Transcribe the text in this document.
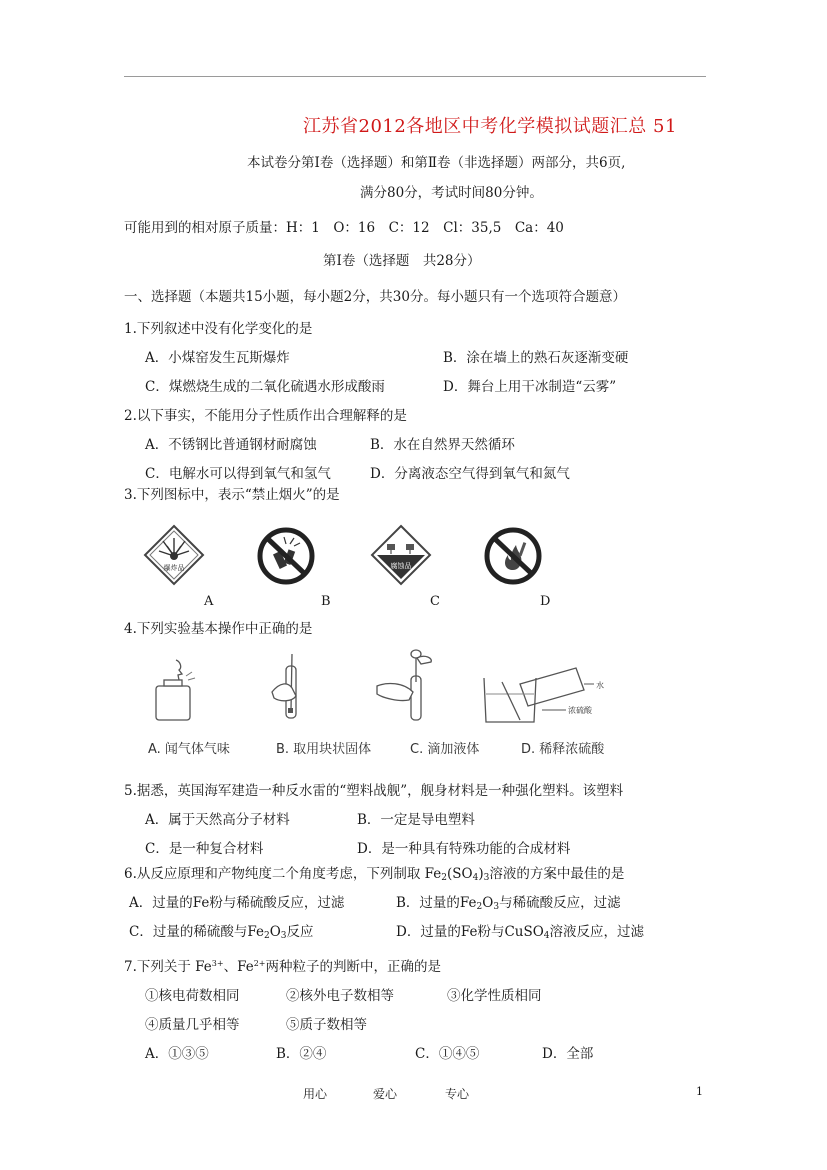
江苏省2012各地区中考化学模拟试题汇总 51
本试卷分第Ⅰ卷（选择题）和第Ⅱ卷（非选择题）两部分，共6页,
满分80分，考试时间80分钟。
可能用到的相对原子质量：H：1　O：16　C：12　Cl：35,5　Ca：40
第Ⅰ卷（选择题　共28分）
一、选择题（本题共15小题，每小题2分，共30分。每小题只有一个选项符合题意）
1.下列叙述中没有化学变化的是
A．小煤窑发生瓦斯爆炸	B．涂在墙上的熟石灰逐渐变硬
C．煤燃烧生成的二氧化硫遇水形成酸雨	D．舞台上用干冰制造“云雾”
2.以下事实，不能用分子性质作出合理解释的是
A．不锈钢比普通钢材耐腐蚀	B．水在自然界天然循环
C．电解水可以得到氧气和氢气	D．分离液态空气得到氧气和氮气
3.下列图标中，表示“禁止烟火”的是
爆炸品	腐蚀品
A	B	C	D
4.下列实验基本操作中正确的是
水
浓硫酸
A. 闻气体气味	B. 取用块状固体	C. 滴加液体	D. 稀释浓硫酸
5.据悉，英国海军建造一种反水雷的“塑料战舰”，舰身材料是一种强化塑料。该塑料
A．属于天然高分子材料	B．一定是导电塑料
C．是一种复合材料	D．是一种具有特殊功能的合成材料
6.从反应原理和产物纯度二个角度考虑，下列制取 $Fe_2(SO_4)_3$溶液的方案中最佳的是
A．过量的Fe粉与稀硫酸反应，过滤	B．过量的$Fe_2O_3$与稀硫酸反应，过滤
C．过量的稀硫酸与$Fe_2O_3$反应	D．过量的Fe粉与CuSO$_4$溶液反应，过滤
7.下列关于 $Fe^{3+}$、$Fe^{2+}$两种粒子的判断中，正确的是
①核电荷数相同	②核外电子数相等	③化学性质相同
④质量几乎相等	⑤质子数相等
A．①③⑤	B．②④	C．①④⑤	D．全部
用心	爱心	专心	1
